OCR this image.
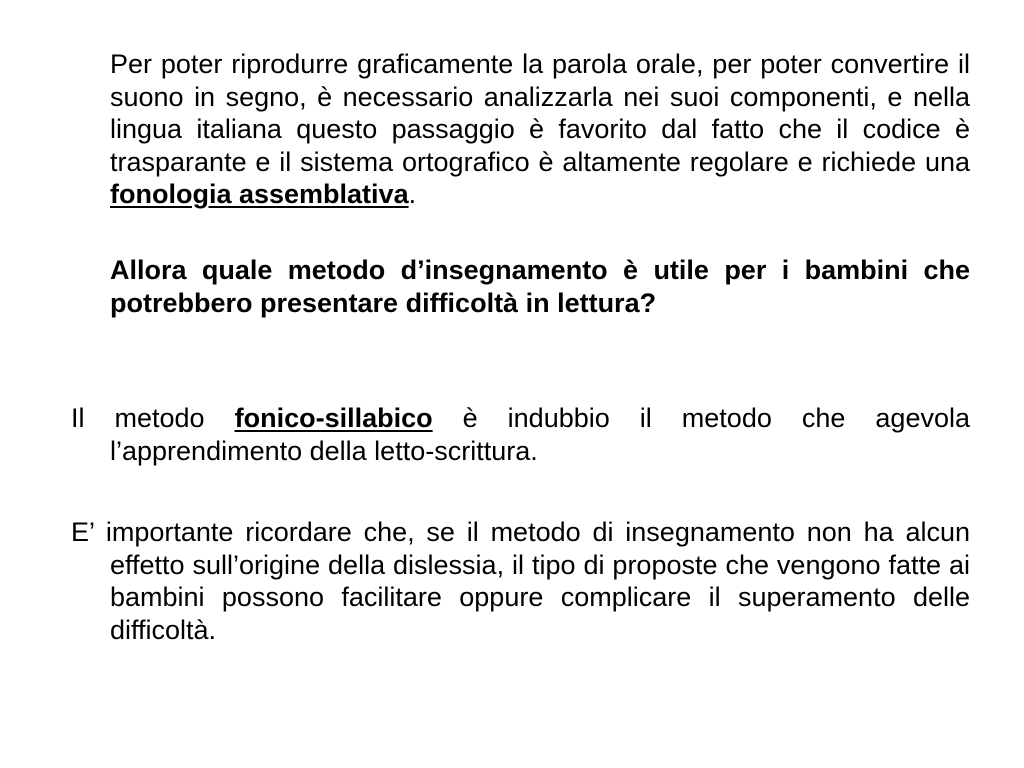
Per poter riprodurre graficamente la parola orale, per poter convertire il suono in segno, è necessario analizzarla nei suoi componenti, e nella lingua italiana questo passaggio è favorito dal fatto che il codice è trasparante e il sistema ortografico è altamente regolare e richiede una fonologia assemblativa.

Allora quale metodo d’insegnamento è utile per i bambini che potrebbero presentare difficoltà in lettura?

Il metodo fonico-sillabico è indubbio il metodo che agevola l’apprendimento della letto-scrittura.

E’ importante ricordare che, se il metodo di insegnamento non ha alcun effetto sull’origine della dislessia, il tipo di proposte che vengono fatte ai bambini possono facilitare oppure complicare il superamento delle difficoltà.
